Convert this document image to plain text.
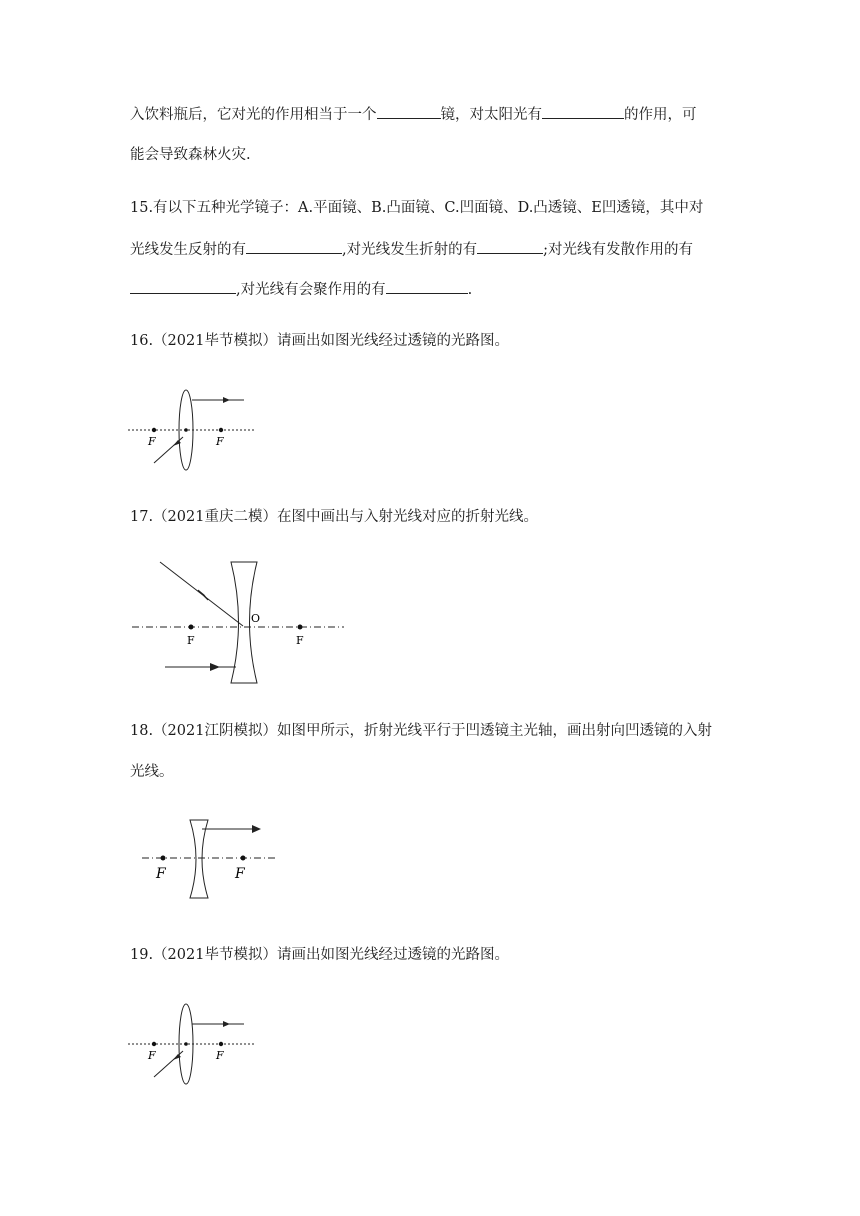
入饮料瓶后，它对光的作用相当于一个	镜，对太阳光有	的作用，可
能会导致森林火灾.
15.有以下五种光学镜子：A.平面镜、B.凸面镜、C.凹面镜、D.凸透镜、E凹透镜，其中对
光线发生反射的有	,对光线发生折射的有	;对光线有发散作用的有
,对光线有会聚作用的有	.
16.（2021毕节模拟）请画出如图光线经过透镜的光路图。
F	F
17.（2021重庆二模）在图中画出与入射光线对应的折射光线。
F	F
O
18.（2021江阴模拟）如图甲所示，折射光线平行于凹透镜主光轴，画出射向凹透镜的入射
光线。
F	F
19.（2021毕节模拟）请画出如图光线经过透镜的光路图。
F	F
